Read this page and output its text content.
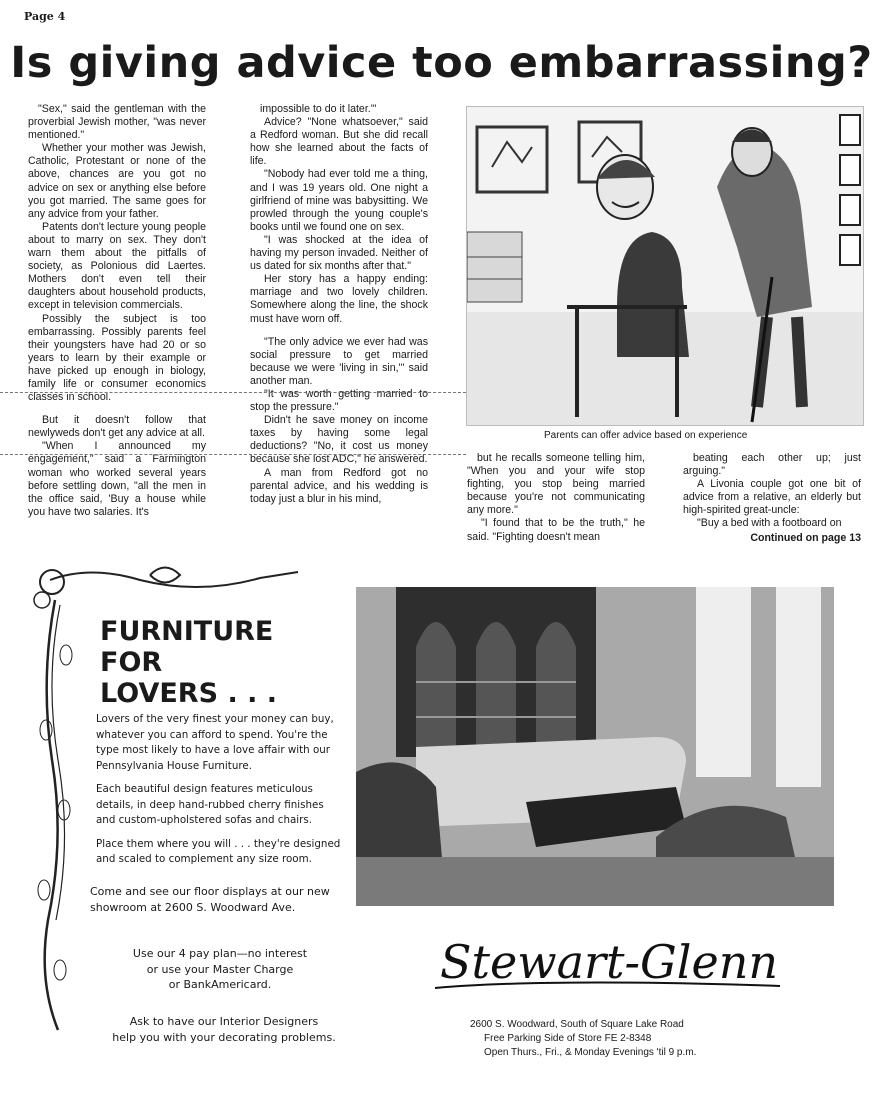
Page 4
Is giving advice too embarrassing?

"Sex," said the gentleman with the proverbial Jewish mother, "was never mentioned."

Whether your mother was Jewish, Catholic, Protestant or none of the above, chances are you got no advice on sex or anything else before you got married. The same goes for any advice from your father.

Patents don't lecture young people about to marry on sex. They don't warn them about the pitfalls of society, as Polonious did Laertes. Mothers don't even tell their daughters about household products, except in television commercials.

Possibly the subject is too embarrassing. Possibly parents feel their youngsters have had 20 or so years to learn by their example or have picked up enough in biology, family life or consumer economics classes in school.

But it doesn't follow that newlyweds don't get any advice at all.

"When I announced my engagement," said a Farmington woman who worked several years before settling down, "all the men in the office said, 'Buy a house while you have two salaries. It's

impossible to do it later.'"

Advice? "None whatsoever," said a Redford woman. But she did recall how she learned about the facts of life.

"Nobody had ever told me a thing, and I was 19 years old. One night a girlfriend of mine was babysitting. We prowled through the young couple's books until we found one on sex.

"I was shocked at the idea of having my person invaded. Neither of us dated for six months after that."

Her story has a happy ending: marriage and two lovely children. Somewhere along the line, the shock must have worn off.

"The only advice we ever had was social pressure to get married because we were 'living in sin,'" said another man.

"It was worth getting married to stop the pressure."

Didn't he save money on income taxes by having some legal deductions? "No, it cost us money because she lost ADC," he answered.

A man from Redford got no parental advice, and his wedding is today just a blur in his mind,

Parents can offer advice based on experience

but he recalls someone telling him, "When you and your wife stop fighting, you stop being married because you're not communicating any more."

"I found that to be the truth," he said. "Fighting doesn't mean

beating each other up; just arguing."

A Livonia couple got one bit of advice from a relative, an elderly but high-spirited great-uncle:

"Buy a bed with a footboard on

Continued on page 13
FURNITURE
FOR
LOVERS . . .

Lovers of the very finest your money can buy, whatever you can afford to spend. You're the type most likely to have a love affair with our Pennsylvania House Furniture.

Each beautiful design features meticulous details, in deep hand-rubbed cherry finishes and custom-upholstered sofas and chairs.

Place them where you will . . . they're designed and scaled to complement any size room.

Come and see our floor displays at our new showroom at 2600 S. Woodward Ave.
Use our 4 pay plan—no interest
or use your Master Charge
or BankAmericard.
Ask to have our Interior Designers
help you with your decorating problems.
Stewart-Glenn
2600 S. Woodward, South of Square Lake Road
Free Parking Side of Store FE 2-8348
Open Thurs., Fri., & Monday Evenings 'til 9 p.m.
